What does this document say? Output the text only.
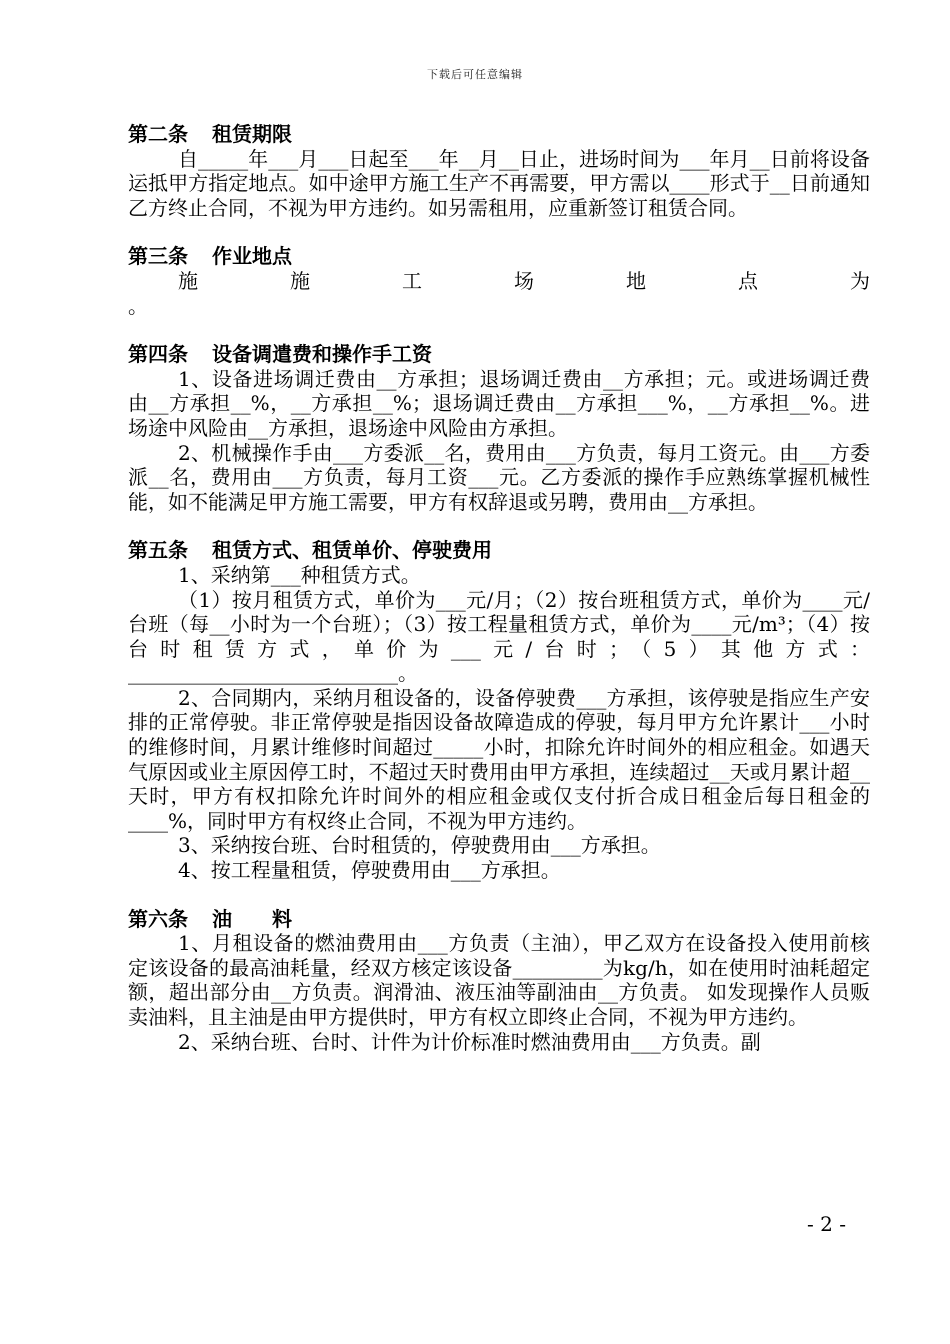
下载后可任意编辑

第二条 租赁期限

自_____年___月___日起至___年__月__日止，进场时间为___年月__日前将设备运抵甲方指定地点。如中途甲方施工生产不再需要，甲方需以____形式于__日前通知乙方终止合同，不视为甲方违约。如另需租用，应重新签订租赁合同。

第三条 作业地点

施	施	工	场	地	点	为

。

第四条 设备调遣费和操作手工资

1、设备进场调迁费由__方承担；退场调迁费由__方承担；元。或进场调迁费由__方承担__%，__方承担__%；退场调迁费由__方承担___%，__方承担__%。进场途中风险由__方承担，退场途中风险由方承担。

2、机械操作手由___方委派__名，费用由___方负责，每月工资元。由___方委派__名，费用由___方负责，每月工资___元。乙方委派的操作手应熟练掌握机械性能，如不能满足甲方施工需要，甲方有权辞退或另聘，费用由__方承担。

第五条 租赁方式、租赁单价、停驶费用

1、采纳第___种租赁方式。

（1）按月租赁方式，单价为___元/月；（2）按台班租赁方式，单价为____元/台班（每__小时为一个台班）；（3）按工程量租赁方式，单价为____元/m³；（4）按台时租赁方式，单价为___元/台时；（5）其他方式：___________________________。

2、合同期内，采纳月租设备的，设备停驶费___方承担，该停驶是指应生产安排的正常停驶。非正常停驶是指因设备故障造成的停驶，每月甲方允许累计___小时的维修时间，月累计维修时间超过_____小时，扣除允许时间外的相应租金。如遇天气原因或业主原因停工时，不超过天时费用由甲方承担，连续超过__天或月累计超__天时，甲方有权扣除允许时间外的相应租金或仅支付折合成日租金后每日租金的____%，同时甲方有权终止合同，不视为甲方违约。

3、采纳按台班、台时租赁的，停驶费用由___方承担。

4、按工程量租赁，停驶费用由___方承担。

第六条 油　　料

1、月租设备的燃油费用由___方负责（主油），甲乙双方在设备投入使用前核定该设备的最高油耗量，经双方核定该设备_________为kg/h，如在使用时油耗超定额，超出部分由__方负责。润滑油、液压油等副油由__方负责。 如发现操作人员贩卖油料，且主油是由甲方提供时，甲方有权立即终止合同，不视为甲方违约。

2、采纳台班、台时、计件为计价标准时燃油费用由___方负责。副

- 2 -
